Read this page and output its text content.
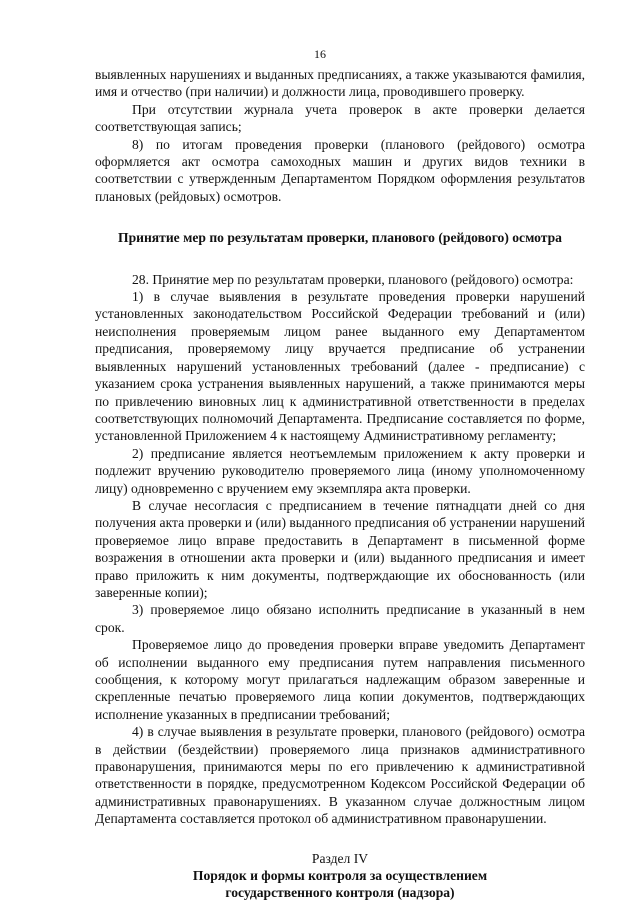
16

выявленных нарушениях и выданных предписаниях, а также указываются фамилия, имя и отчество (при наличии) и должности лица, проводившего проверку.

При отсутствии журнала учета проверок в акте проверки делается соответствующая запись;

8) по итогам проведения проверки (планового (рейдового) осмотра оформляется акт осмотра самоходных машин и других видов техники в соответствии с утвержденным Департаментом Порядком оформления результатов плановых (рейдовых) осмотров.

Принятие мер по результатам проверки, планового (рейдового) осмотра

28. Принятие мер по результатам проверки, планового (рейдового) осмотра:

1) в случае выявления в результате проведения проверки нарушений установленных законодательством Российской Федерации требований и (или) неисполнения проверяемым лицом ранее выданного ему Департаментом предписания, проверяемому лицу вручается предписание об устранении выявленных нарушений установленных требований (далее - предписание) с указанием срока устранения выявленных нарушений, а также принимаются меры по привлечению виновных лиц к административной ответственности в пределах соответствующих полномочий Департамента. Предписание составляется по форме, установленной Приложением 4 к настоящему Административному регламенту;

2) предписание является неотъемлемым приложением к акту проверки и подлежит вручению руководителю проверяемого лица (иному уполномоченному лицу) одновременно с вручением ему экземпляра акта проверки.

В случае несогласия с предписанием в течение пятнадцати дней со дня получения акта проверки и (или) выданного предписания об устранении нарушений проверяемое лицо вправе предоставить в Департамент в письменной форме возражения в отношении акта проверки и (или) выданного предписания и имеет право приложить к ним документы, подтверждающие их обоснованность (или заверенные копии);

3) проверяемое лицо обязано исполнить предписание в указанный в нем срок.

Проверяемое лицо до проведения проверки вправе уведомить Департамент об исполнении выданного ему предписания путем направления письменного сообщения, к которому могут прилагаться надлежащим образом заверенные и скрепленные печатью проверяемого лица копии документов, подтверждающих исполнение указанных в предписании требований;

4) в случае выявления в результате проверки, планового (рейдового) осмотра в действии (бездействии) проверяемого лица признаков административного правонарушения, принимаются меры по его привлечению к административной ответственности в порядке, предусмотренном Кодексом Российской Федерации об административных правонарушениях. В указанном случае должностным лицом Департамента составляется протокол об административном правонарушении.

Раздел IV

Порядок и формы контроля за осуществлением
государственного контроля (надзора)
